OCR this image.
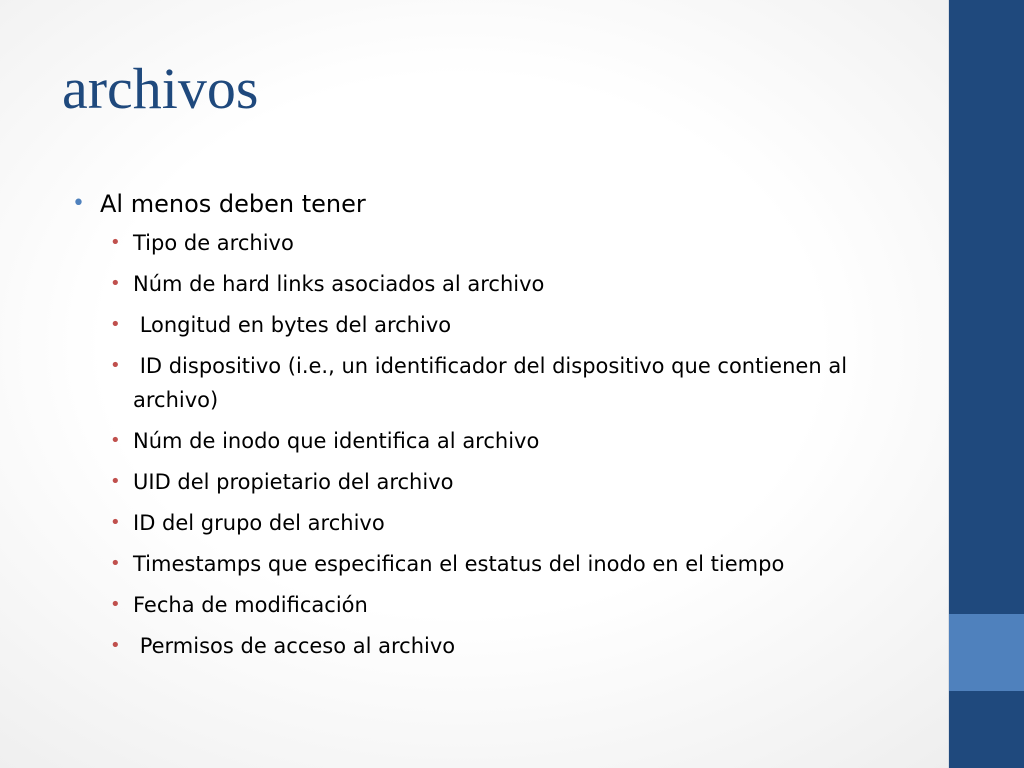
archivos
• Al menos deben tener
• Tipo de archivo
• Núm de hard links asociados al archivo
• Longitud en bytes del archivo
• ID dispositivo (i.e., un identificador del dispositivo que contienen al archivo)
• Núm de inodo que identifica al archivo
• UID del propietario del archivo
• ID del grupo del archivo
• Timestamps que especifican el estatus del inodo en el tiempo
• Fecha de modificación
• Permisos de acceso al archivo
